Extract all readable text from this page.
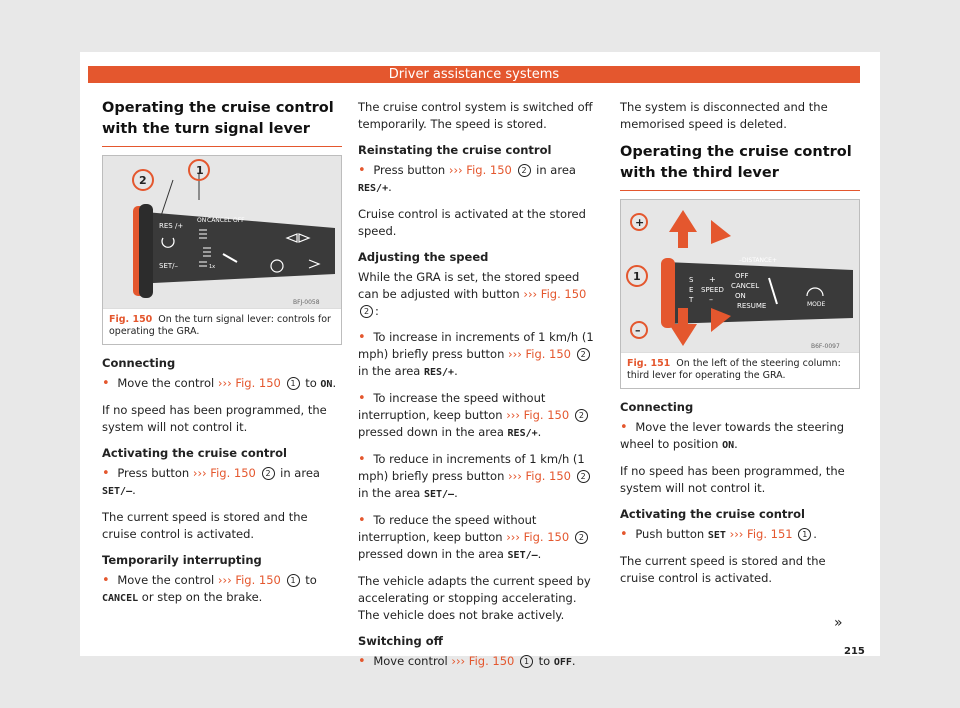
Driver assistance systems
Operating the cruise control with the turn signal lever
1
2
ON CANCEL OFF
RES /+
SET/–	1x
BFJ-0058
Fig. 150 On the turn signal lever: controls for operating the GRA.
Connecting
• Move the control ››› Fig. 150 1 to ON.

If no speed has been programmed, the system will not control it.

Activating the cruise control
• Press button ››› Fig. 150 2 in area SET/–.

The current speed is stored and the cruise control is activated.

Temporarily interrupting
• Move the control ››› Fig. 150 1 to CANCEL or step on the brake.

The cruise control system is switched off temporarily. The speed is stored.

Reinstating the cruise control
• Press button ››› Fig. 150 2 in area RES/+.

Cruise control is activated at the stored speed.

Adjusting the speed

While the GRA is set, the stored speed can be adjusted with button ››› Fig. 150 2 :

• To increase in increments of 1 km/h (1 mph) briefly press button ››› Fig. 150 2 in the area RES/+.
• To increase the speed without interruption, keep button ››› Fig. 150 2 pressed down in the area RES/+.
• To reduce in increments of 1 km/h (1 mph) briefly press button ››› Fig. 150 2 in the area SET/–.
• To reduce the speed without interruption, keep button ››› Fig. 150 2 pressed down in the area SET/–.

The vehicle adapts the current speed by accelerating or stopping accelerating. The vehicle does not brake actively.

Switching off
• Move control ››› Fig. 150 1 to OFF.

The system is disconnected and the memorised speed is deleted.

Operating the cruise control with the third lever
+
1
–
–DISTANCE+
S
E
T
+
SPEED
–
OFF
CANCEL
ON
RESUME	MODE
B6F-0097
Fig. 151 On the left of the steering column: third lever for operating the GRA.
Connecting
• Move the lever towards the steering wheel to position ON.

If no speed has been programmed, the system will not control it.

Activating the cruise control
• Push button SET ››› Fig. 151 1 .

The current speed is stored and the cruise control is activated.

»
215
